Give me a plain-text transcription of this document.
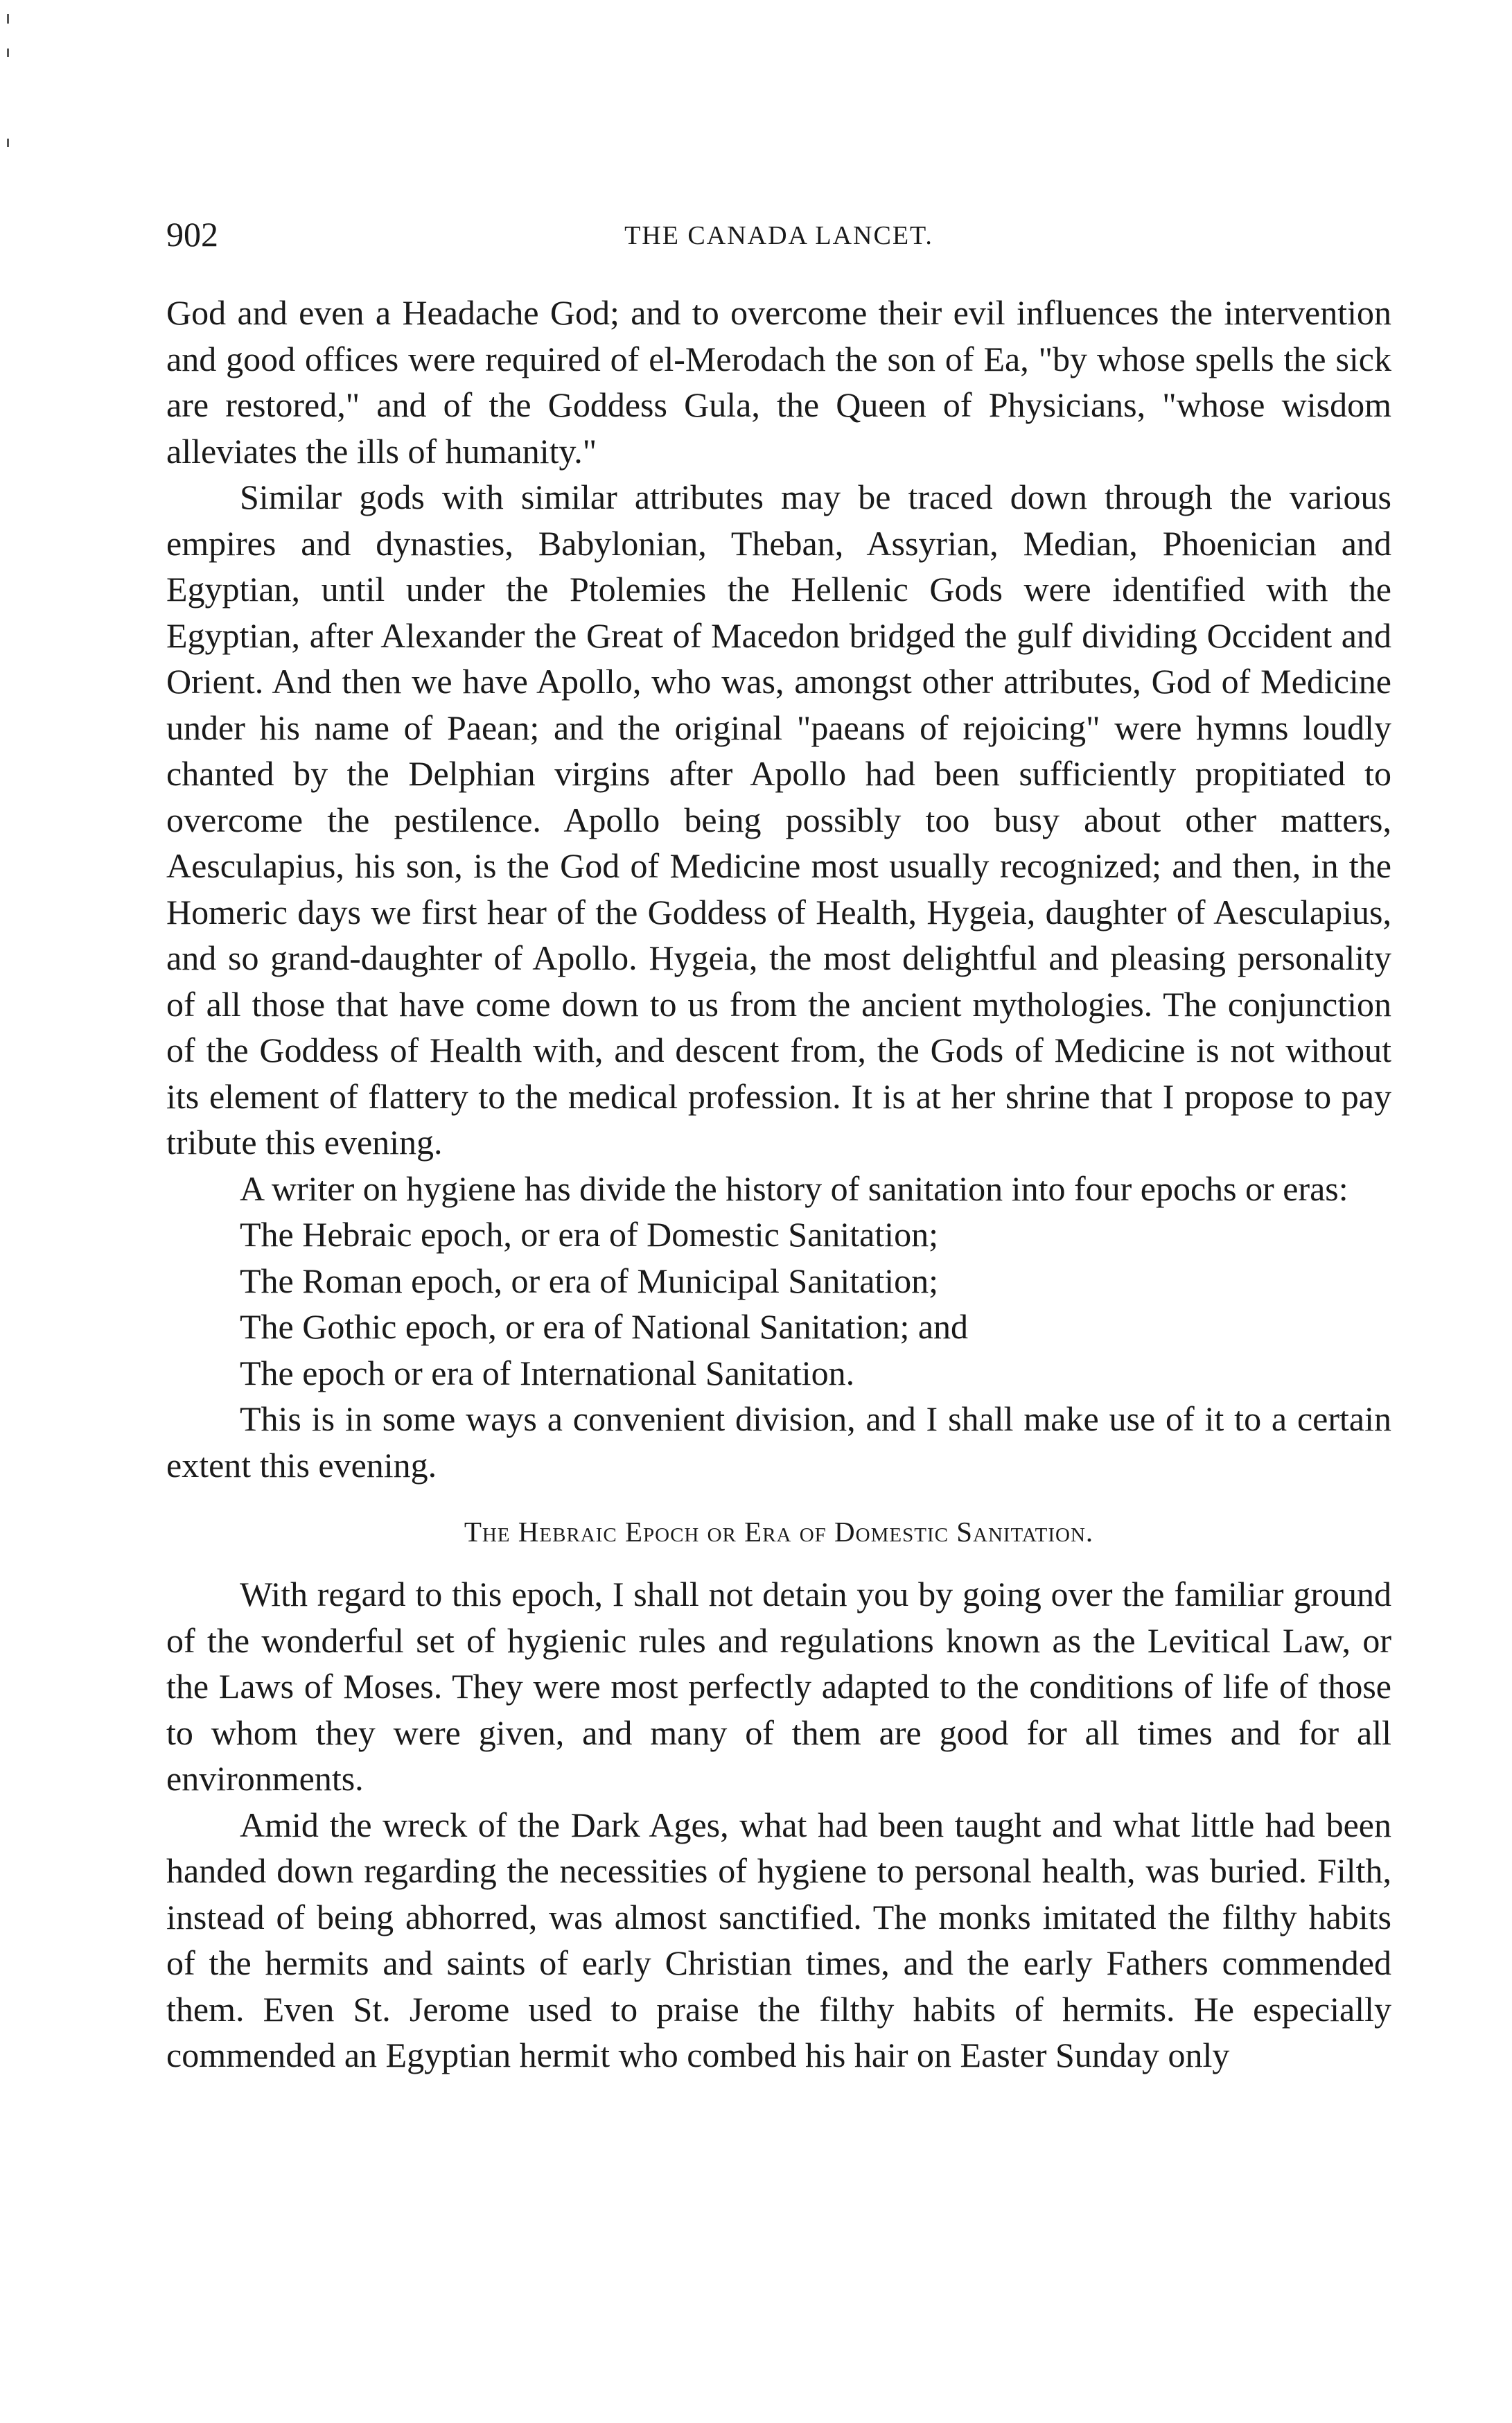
902	THE CANADA LANCET.

God and even a Headache God; and to overcome their evil influences the intervention and good offices were required of el-Merodach the son of Ea, "by whose spells the sick are restored," and of the Goddess Gula, the Queen of Physicians, "whose wisdom alleviates the ills of humanity."

Similar gods with similar attributes may be traced down through the various empires and dynasties, Babylonian, Theban, Assyrian, Median, Phoenician and Egyptian, until under the Ptolemies the Hellenic Gods were identified with the Egyptian, after Alexander the Great of Macedon bridged the gulf dividing Occident and Orient. And then we have Apollo, who was, amongst other attributes, God of Medicine under his name of Paean; and the original "paeans of rejoicing" were hymns loudly chanted by the Delphian virgins after Apollo had been sufficiently propitiated to overcome the pestilence. Apollo being possibly too busy about other matters, Aesculapius, his son, is the God of Medicine most usually recognized; and then, in the Homeric days we first hear of the Goddess of Health, Hygeia, daughter of Aesculapius, and so grand-daughter of Apollo. Hygeia, the most delightful and pleasing personality of all those that have come down to us from the ancient mythologies. The conjunction of the Goddess of Health with, and descent from, the Gods of Medicine is not without its element of flattery to the medical profession. It is at her shrine that I propose to pay tribute this evening.

A writer on hygiene has divide the history of sanitation into four epochs or eras:

The Hebraic epoch, or era of Domestic Sanitation;
The Roman epoch, or era of Municipal Sanitation;
The Gothic epoch, or era of National Sanitation; and
The epoch or era of International Sanitation.

This is in some ways a convenient division, and I shall make use of it to a certain extent this evening.

The Hebraic Epoch or Era of Domestic Sanitation.

With regard to this epoch, I shall not detain you by going over the familiar ground of the wonderful set of hygienic rules and regulations known as the Levitical Law, or the Laws of Moses. They were most perfectly adapted to the conditions of life of those to whom they were given, and many of them are good for all times and for all environments.

Amid the wreck of the Dark Ages, what had been taught and what little had been handed down regarding the necessities of hygiene to personal health, was buried. Filth, instead of being abhorred, was almost sanctified. The monks imitated the filthy habits of the hermits and saints of early Christian times, and the early Fathers commended them. Even St. Jerome used to praise the filthy habits of hermits. He especially commended an Egyptian hermit who combed his hair on Easter Sunday only
